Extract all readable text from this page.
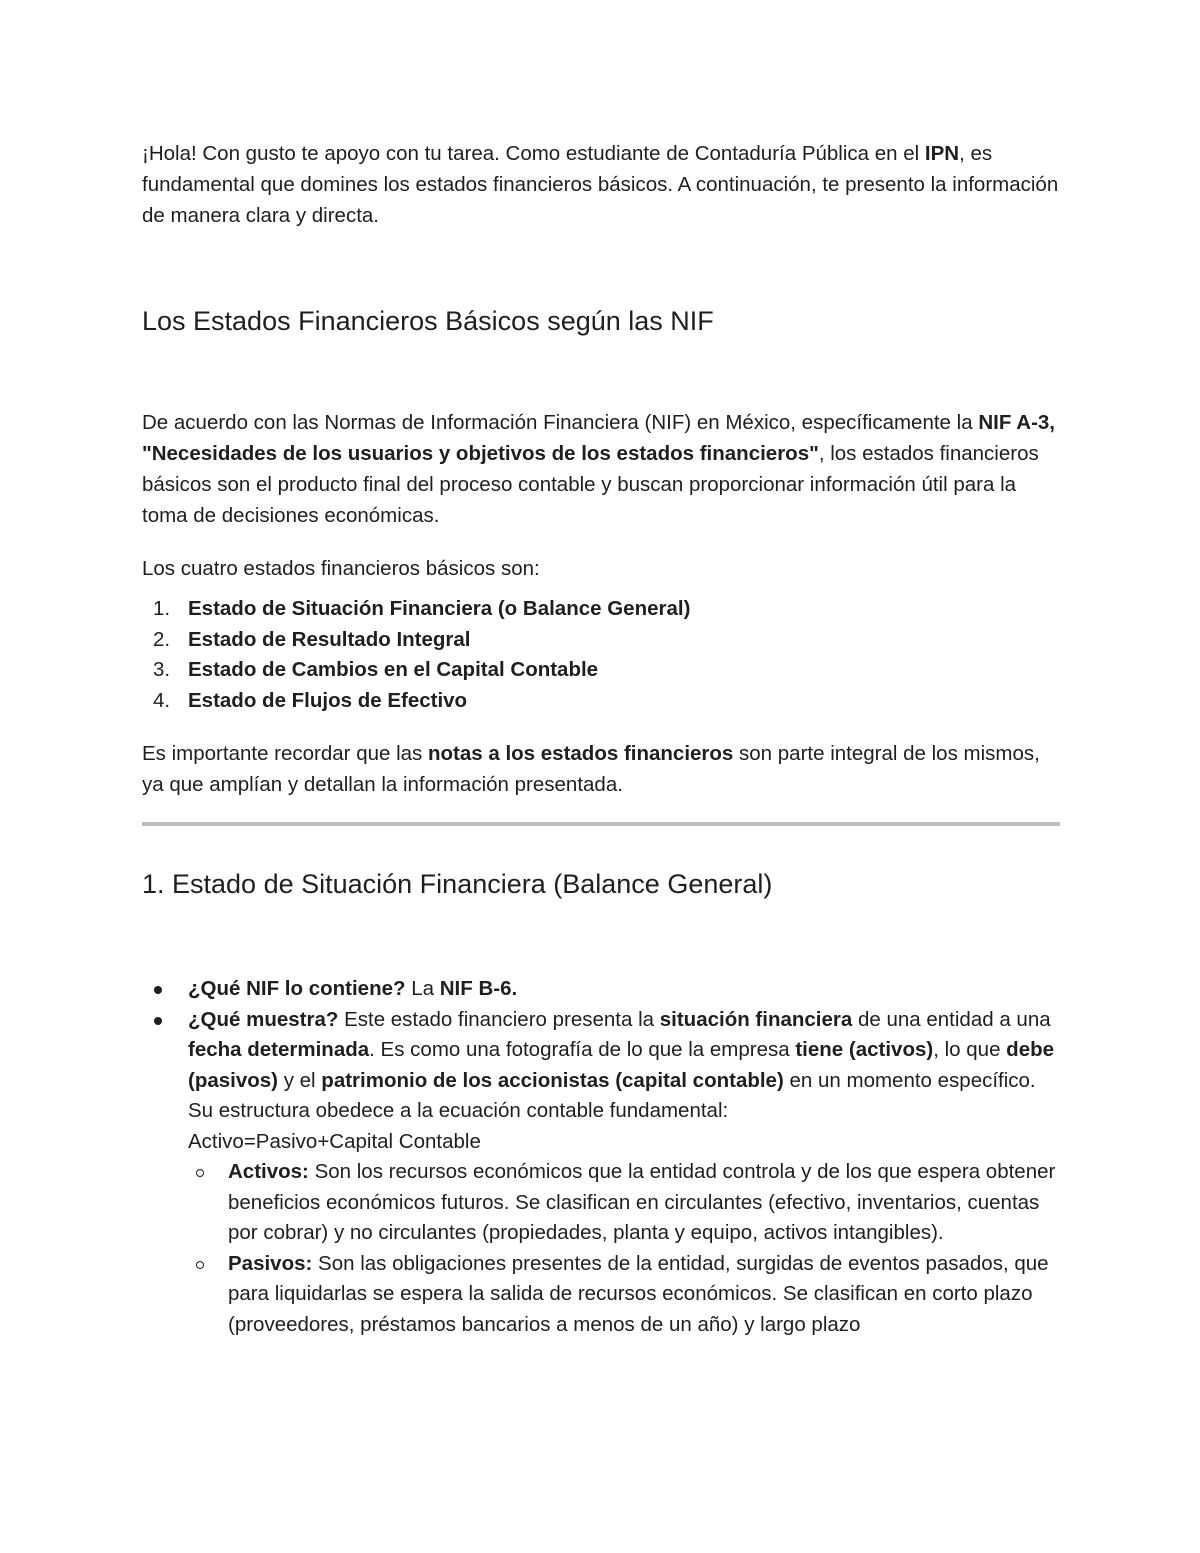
¡Hola! Con gusto te apoyo con tu tarea. Como estudiante de Contaduría Pública en el IPN, es fundamental que domines los estados financieros básicos. A continuación, te presento la información de manera clara y directa.

Los Estados Financieros Básicos según las NIF

De acuerdo con las Normas de Información Financiera (NIF) en México, específicamente la NIF A-3, "Necesidades de los usuarios y objetivos de los estados financieros", los estados financieros básicos son el producto final del proceso contable y buscan proporcionar información útil para la toma de decisiones económicas.

Los cuatro estados financieros básicos son:

1. Estado de Situación Financiera (o Balance General)
2. Estado de Resultado Integral
3. Estado de Cambios en el Capital Contable
4. Estado de Flujos de Efectivo

Es importante recordar que las notas a los estados financieros son parte integral de los mismos, ya que amplían y detallan la información presentada.

1. Estado de Situación Financiera (Balance General)
¿Qué NIF lo contiene? La NIF B-6.
¿Qué muestra? Este estado financiero presenta la situación financiera de una entidad a una fecha determinada. Es como una fotografía de lo que la empresa tiene (activos), lo que debe (pasivos) y el patrimonio de los accionistas (capital contable) en un momento específico. Su estructura obedece a la ecuación contable fundamental:
Activo=Pasivo+Capital Contable
Activos: Son los recursos económicos que la entidad controla y de los que espera obtener beneficios económicos futuros. Se clasifican en circulantes (efectivo, inventarios, cuentas por cobrar) y no circulantes (propiedades, planta y equipo, activos intangibles).
Pasivos: Son las obligaciones presentes de la entidad, surgidas de eventos pasados, que para liquidarlas se espera la salida de recursos económicos. Se clasifican en corto plazo (proveedores, préstamos bancarios a menos de un año) y largo plazo
